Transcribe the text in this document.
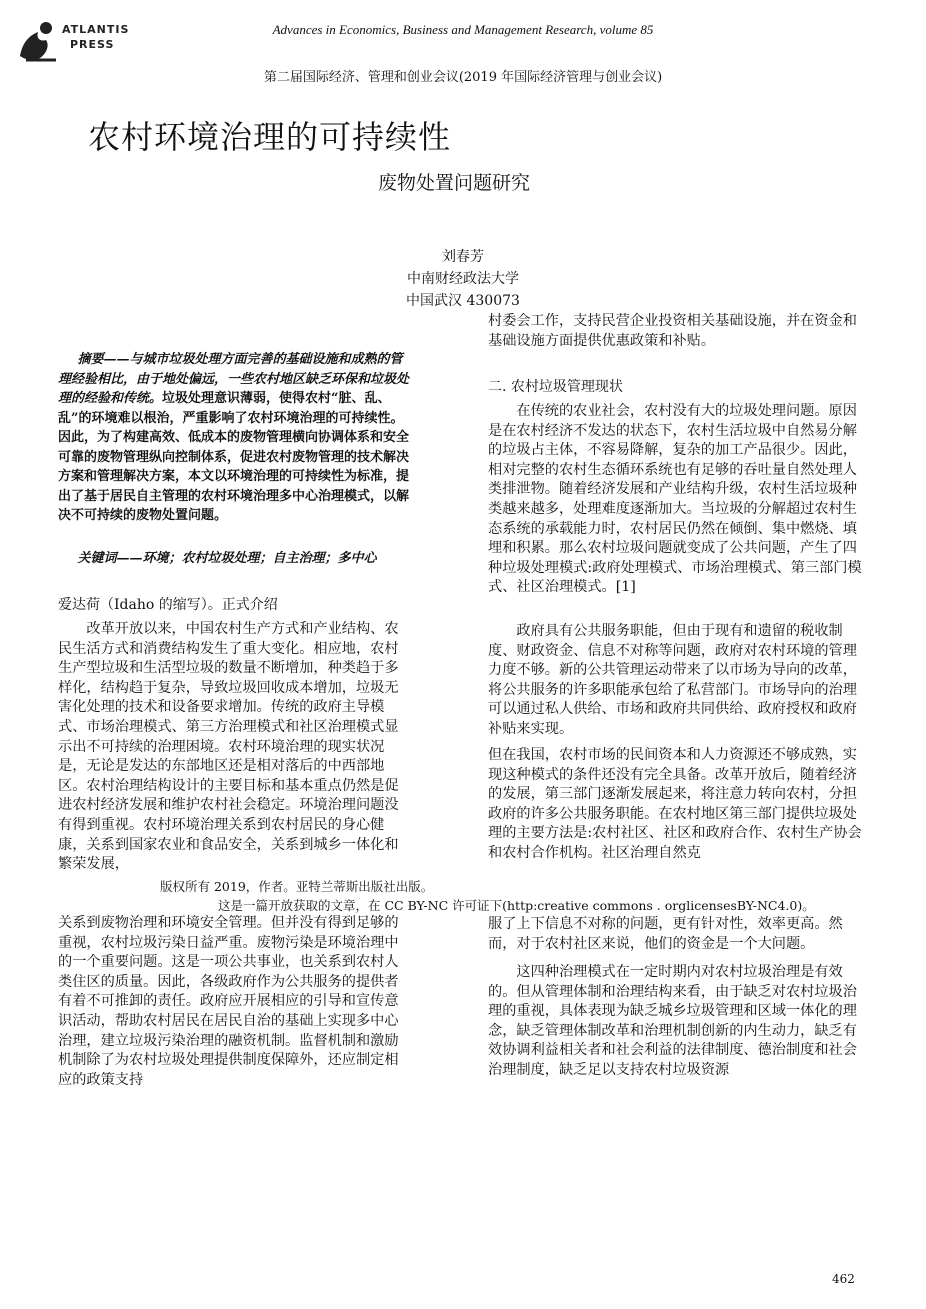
ATLANTIS
PRESS
Advances in Economics, Business and Management Research, volume 85
第二届国际经济、管理和创业会议(2019 年国际经济管理与创业会议)
农村环境治理的可持续性
废物处置问题研究
刘春芳
中南财经政法大学
中国武汉 430073
摘要——与城市垃圾处理方面完善的基础设施和成熟的管理经验相比，由于地处偏远，一些农村地区缺乏环保和垃圾处理的经验和传统。垃圾处理意识薄弱，使得农村“脏、乱、乱”的环境难以根治，严重影响了农村环境治理的可持续性。因此，为了构建高效、低成本的废物管理横向协调体系和安全可靠的废物管理纵向控制体系，促进农村废物管理的技术解决方案和管理解决方案，本文以环境治理的可持续性为标准，提出了基于居民自主管理的农村环境治理多中心治理模式，以解决不可持续的废物处置问题。
关键词——环境；农村垃圾处理；自主治理；多中心
爱达荷（Idaho 的缩写）。正式介绍

改革开放以来，中国农村生产方式和产业结构、农民生活方式和消费结构发生了重大变化。相应地，农村生产型垃圾和生活型垃圾的数量不断增加，种类趋于多样化，结构趋于复杂，导致垃圾回收成本增加，垃圾无害化处理的技术和设备要求增加。传统的政府主导模式、市场治理模式、第三方治理模式和社区治理模式显示出不可持续的治理困境。农村环境治理的现实状况是，无论是发达的东部地区还是相对落后的中西部地区。农村治理结构设计的主要目标和基本重点仍然是促进农村经济发展和维护农村社会稳定。环境治理问题没有得到重视。农村环境治理关系到农村居民的身心健康，关系到国家农业和食品安全，关系到城乡一体化和繁荣发展，

版权所有 2019，作者。亚特兰蒂斯出版社出版。
这是一篇开放获取的文章，在 CC BY-NC 许可证下(http:creative commons . orglicensesBY-NC4.0)。

关系到废物治理和环境安全管理。但并没有得到足够的重视，农村垃圾污染日益严重。废物污染是环境治理中的一个重要问题。这是一项公共事业，也关系到农村人类住区的质量。因此，各级政府作为公共服务的提供者有着不可推卸的责任。政府应开展相应的引导和宣传意识活动，帮助农村居民在居民自治的基础上实现多中心治理，建立垃圾污染治理的融资机制。监督机制和激励机制除了为农村垃圾处理提供制度保障外，还应制定相应的政策支持

村委会工作，支持民营企业投资相关基础设施，并在资金和基础设施方面提供优惠政策和补贴。

二. 农村垃圾管理现状

在传统的农业社会，农村没有大的垃圾处理问题。原因是在农村经济不发达的状态下，农村生活垃圾中自然易分解的垃圾占主体，不容易降解，复杂的加工产品很少。因此，相对完整的农村生态循环系统也有足够的吞吐量自然处理人类排泄物。随着经济发展和产业结构升级，农村生活垃圾种类越来越多，处理难度逐渐加大。当垃圾的分解超过农村生态系统的承载能力时，农村居民仍然在倾倒、集中燃烧、填埋和积累。那么农村垃圾问题就变成了公共问题，产生了四种垃圾处理模式:政府处理模式、市场治理模式、第三部门模式、社区治理模式。[1]

政府具有公共服务职能，但由于现有和遗留的税收制度、财政资金、信息不对称等问题，政府对农村环境的管理力度不够。新的公共管理运动带来了以市场为导向的改革，将公共服务的许多职能承包给了私营部门。市场导向的治理可以通过私人供给、市场和政府共同供给、政府授权和政府补贴来实现。

但在我国，农村市场的民间资本和人力资源还不够成熟，实现这种模式的条件还没有完全具备。改革开放后，随着经济的发展，第三部门逐渐发展起来，将注意力转向农村，分担政府的许多公共服务职能。在农村地区第三部门提供垃圾处理的主要方法是:农村社区、社区和政府合作、农村生产协会和农村合作机构。社区治理自然克

服了上下信息不对称的问题，更有针对性，效率更高。然而，对于农村社区来说，他们的资金是一个大问题。

这四种治理模式在一定时期内对农村垃圾治理是有效的。但从管理体制和治理结构来看，由于缺乏对农村垃圾治理的重视，具体表现为缺乏城乡垃圾管理和区域一体化的理念，缺乏管理体制改革和治理机制创新的内生动力，缺乏有效协调利益相关者和社会利益的法律制度、德治制度和社会治理制度，缺乏足以支持农村垃圾资源

462
